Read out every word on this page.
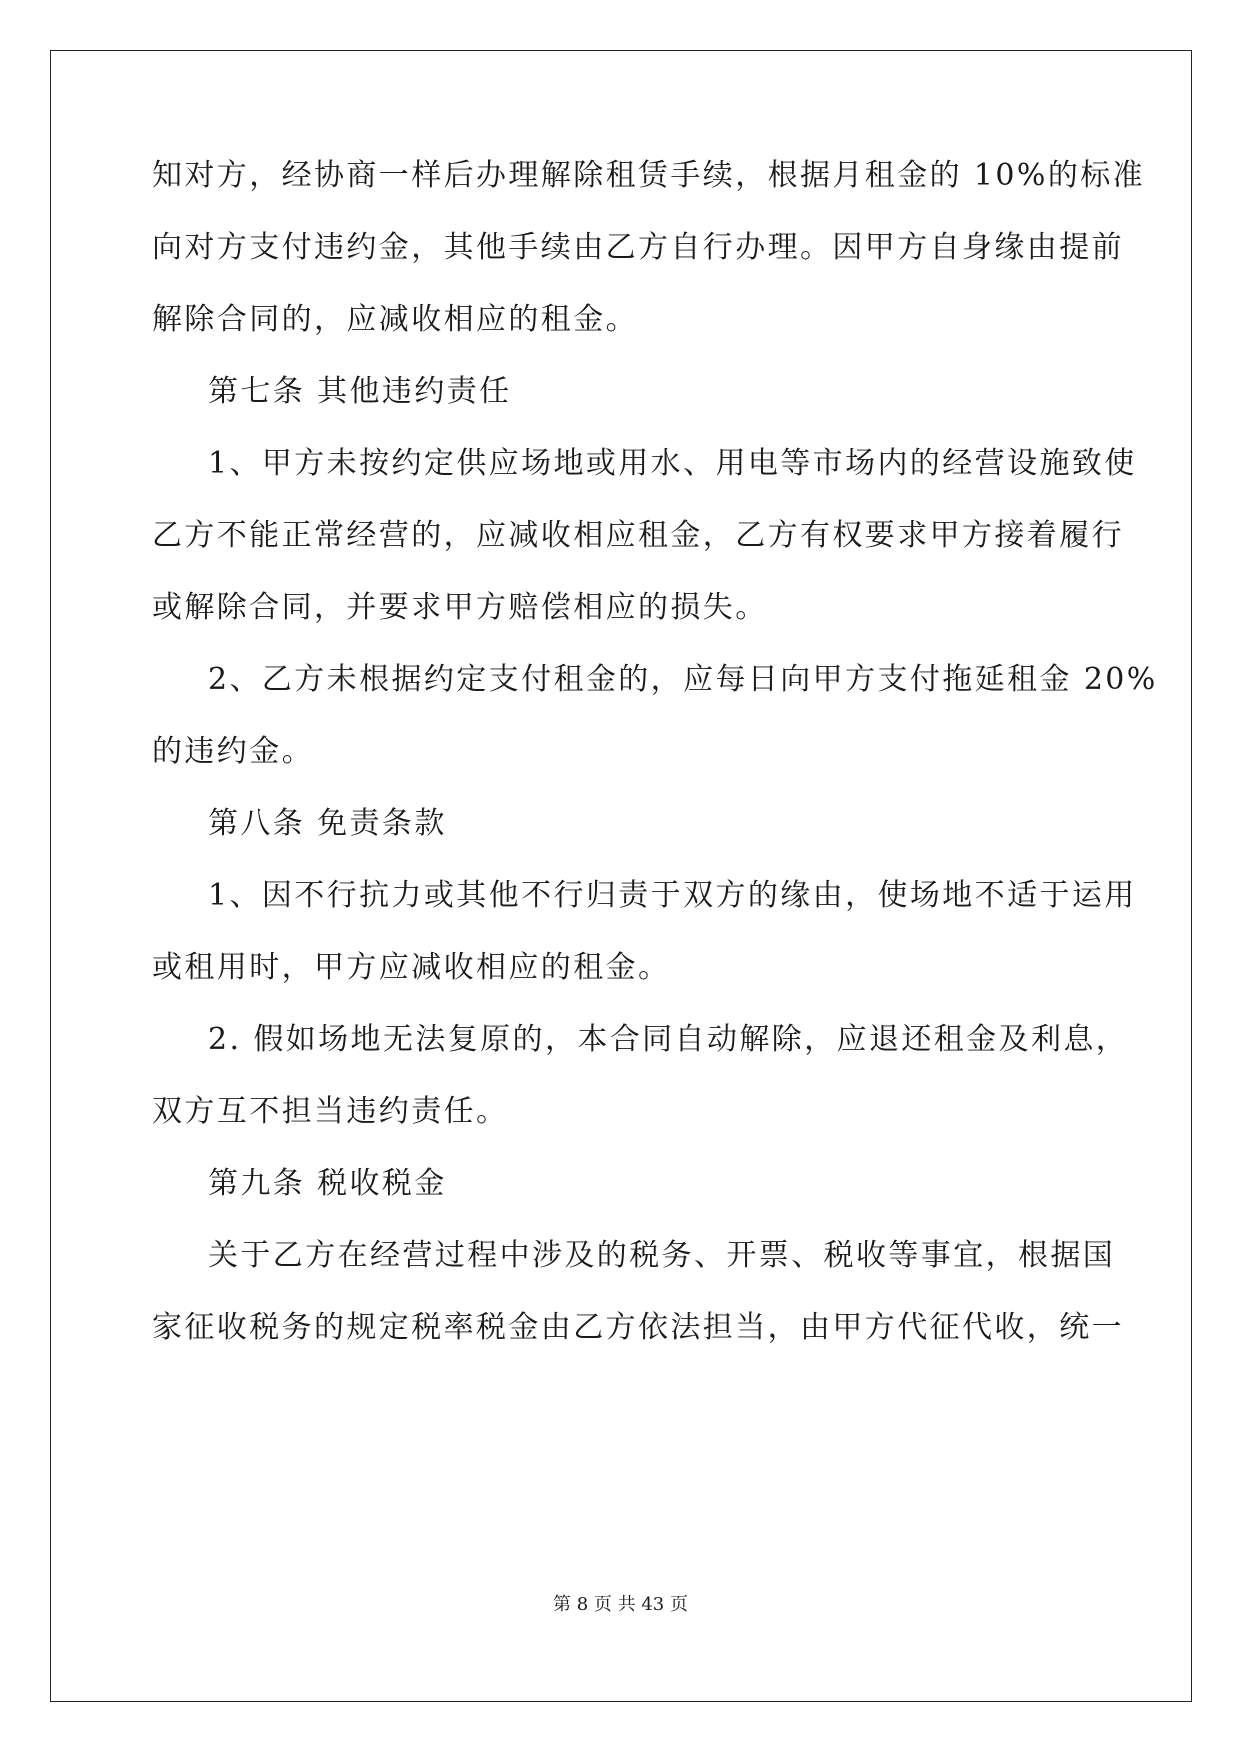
知对方，经协商一样后办理解除租赁手续，根据月租金的 10%的标准
向对方支付违约金，其他手续由乙方自行办理。因甲方自身缘由提前
解除合同的，应减收相应的租金。
第七条 其他违约责任
1、甲方未按约定供应场地或用水、用电等市场内的经营设施致使
乙方不能正常经营的，应减收相应租金，乙方有权要求甲方接着履行
或解除合同，并要求甲方赔偿相应的损失。
2、乙方未根据约定支付租金的，应每日向甲方支付拖延租金 20%
的违约金。
第八条 免责条款
1、因不行抗力或其他不行归责于双方的缘由，使场地不适于运用
或租用时，甲方应减收相应的租金。
2. 假如场地无法复原的，本合同自动解除，应退还租金及利息，
双方互不担当违约责任。
第九条 税收税金
关于乙方在经营过程中涉及的税务、开票、税收等事宜，根据国
家征收税务的规定税率税金由乙方依法担当，由甲方代征代收，统一
第 8 页 共 43 页
